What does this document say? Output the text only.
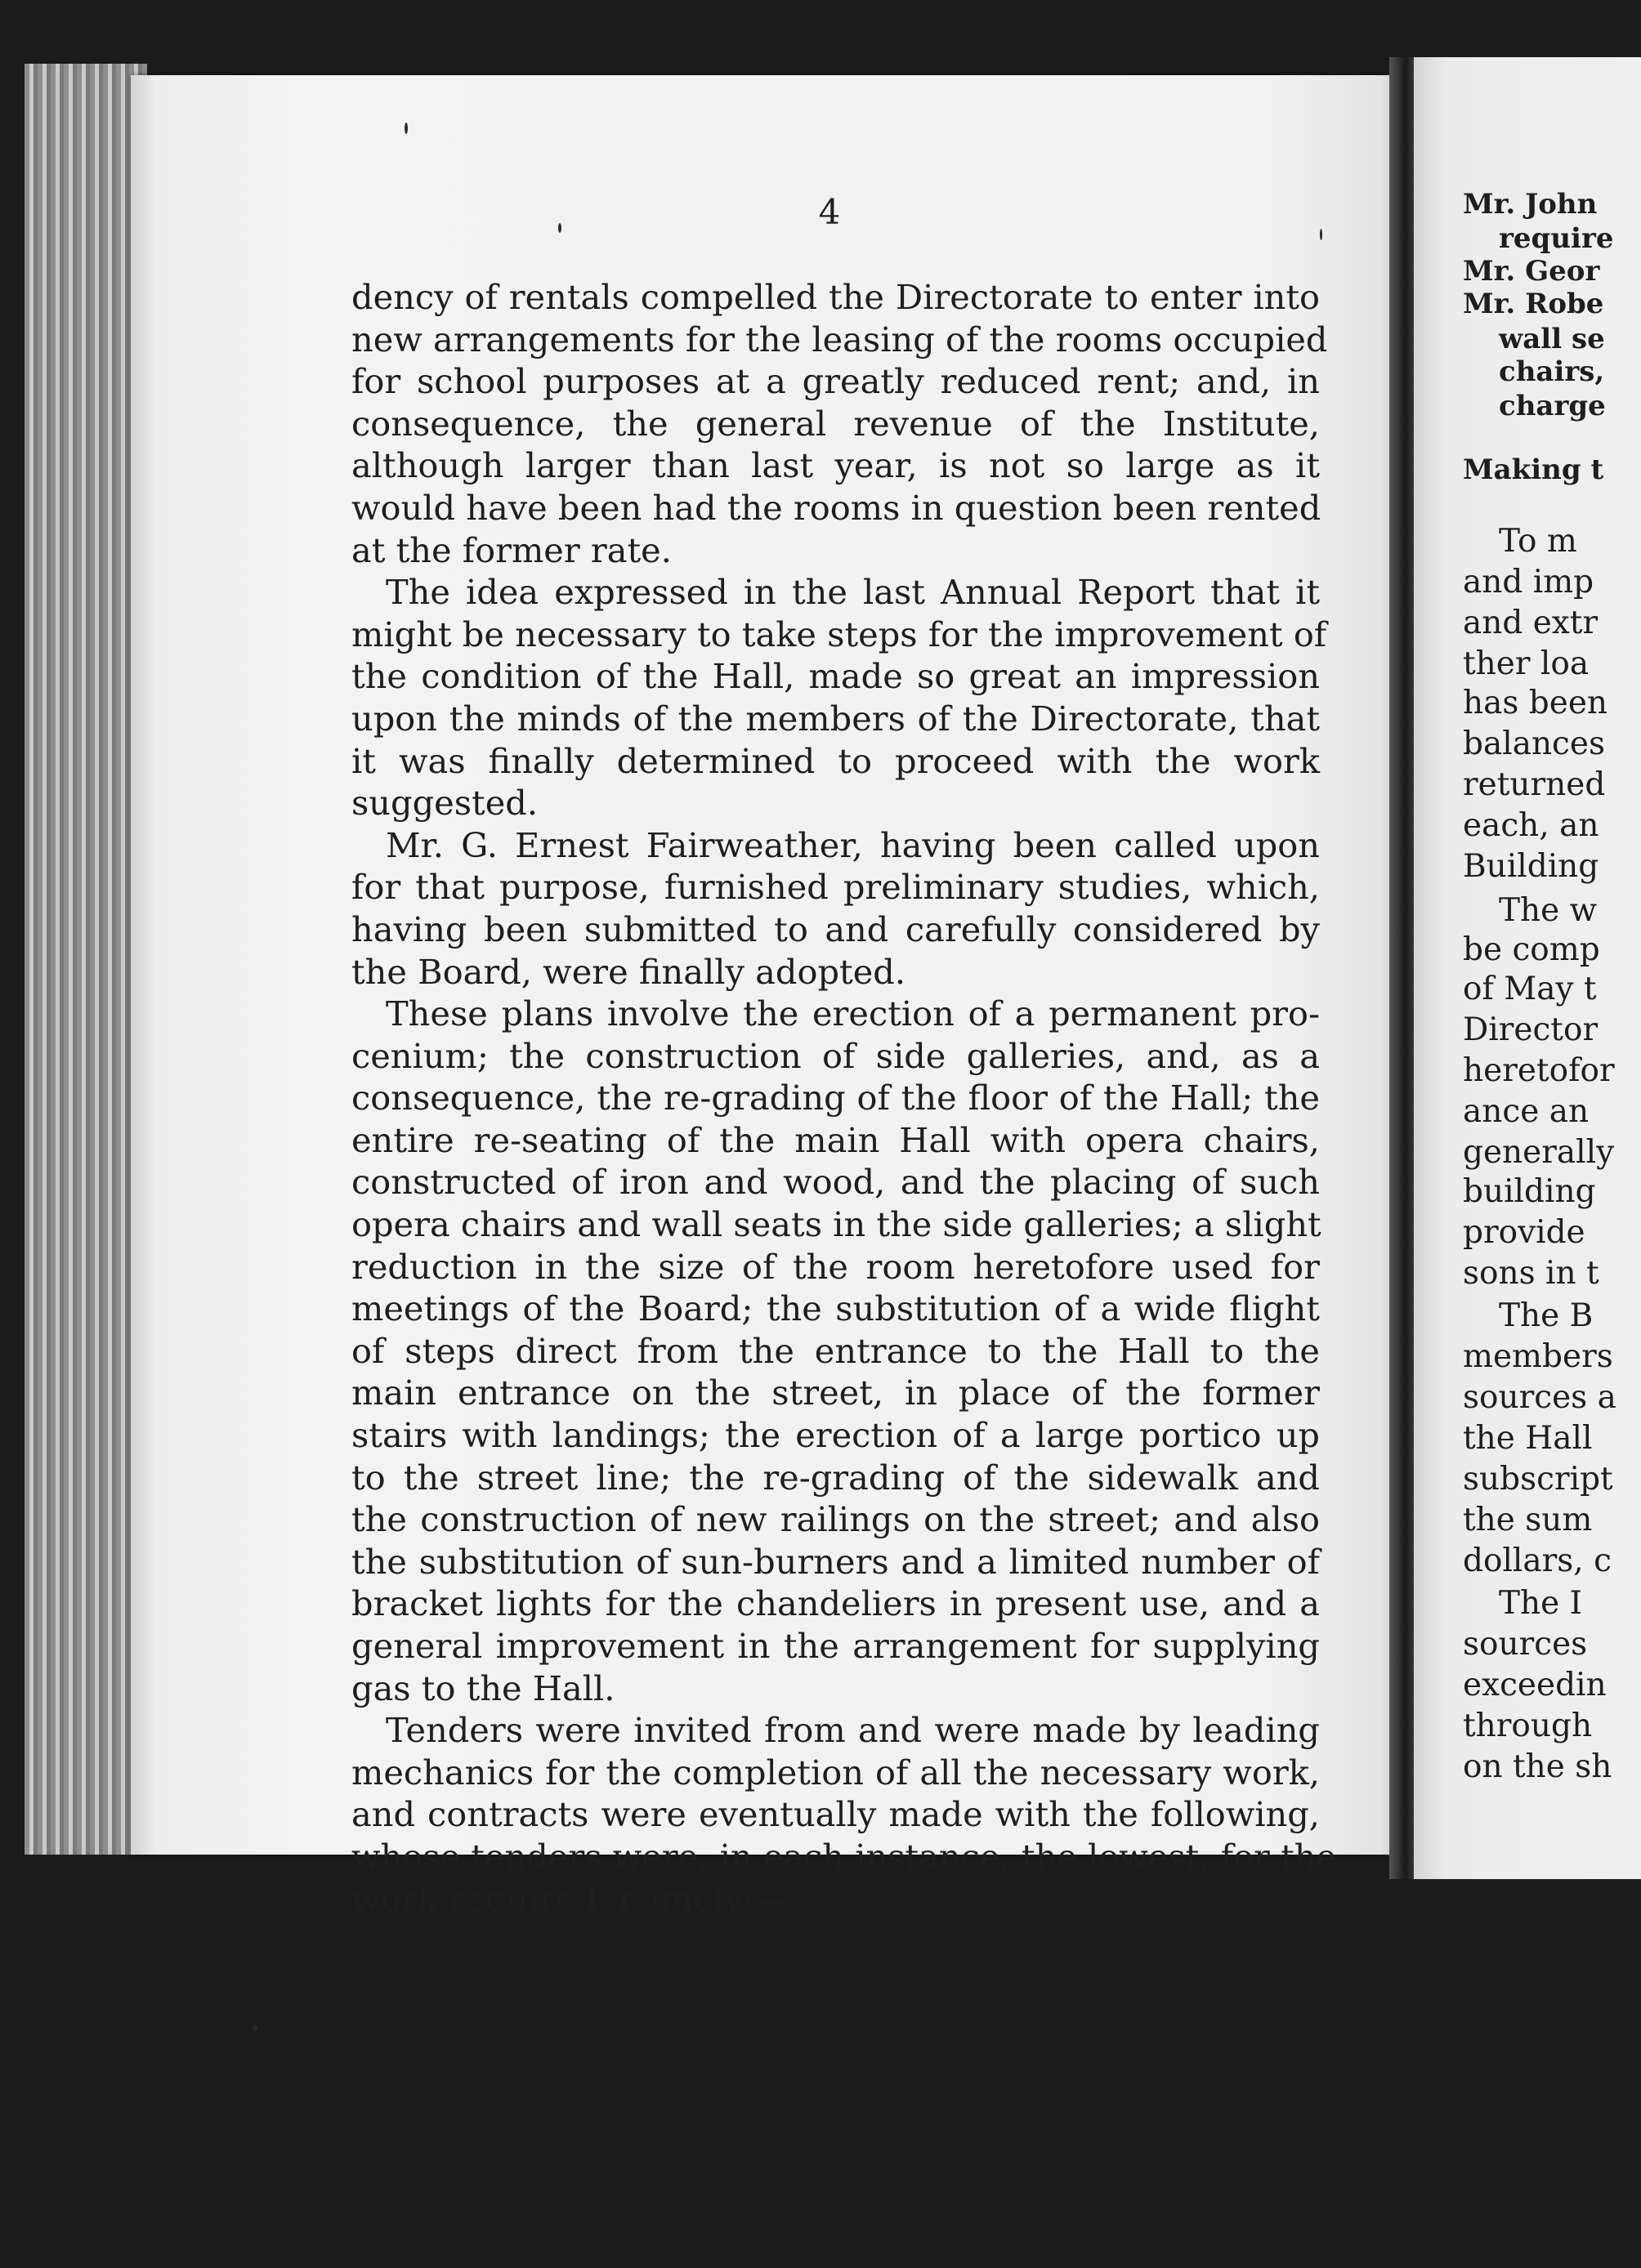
Mr. John
require
Mr. Geor
Mr. Robe
wall se
chairs,
charge
Making t
To m
and imp
and extr
ther loa
has been
balances
returned
each, an
Building
The w
be comp
of May t
Director
heretofor
ance an
generally
building
provide
sons in t
The B
members
sources a
the Hall
subscript
the sum
dollars, c
The I
sources
exceedin
through
on the sh
4
dency of rentals compelled the Directorate to enter into
new arrangements for the leasing of the rooms occupied
for school purposes at a greatly reduced rent; and, in
consequence, the general revenue of the Institute,
although larger than last year, is not so large as it
would have been had the rooms in question been rented
at the former rate.
The idea expressed in the last Annual Report that it
might be necessary to take steps for the improvement of
the condition of the Hall, made so great an impression
upon the minds of the members of the Directorate, that
it was finally determined to proceed with the work
suggested.
Mr. G. Ernest Fairweather, having been called upon
for that purpose, furnished preliminary studies, which,
having been submitted to and carefully considered by
the Board, were finally adopted.
These plans involve the erection of a permanent pro-
cenium; the construction of side galleries, and, as a
consequence, the re-grading of the floor of the Hall; the
entire re-seating of the main Hall with opera chairs,
constructed of iron and wood, and the placing of such
opera chairs and wall seats in the side galleries; a slight
reduction in the size of the room heretofore used for
meetings of the Board; the substitution of a wide flight
of steps direct from the entrance to the Hall to the
main entrance on the street, in place of the former
stairs with landings; the erection of a large portico up
to the street line; the re-grading of the sidewalk and
the construction of new railings on the street; and also
the substitution of sun-burners and a limited number of
bracket lights for the chandeliers in present use, and a
general improvement in the arrangement for supplying
gas to the Hall.
Tenders were invited from and were made by leading
mechanics for the completion of all the necessary work,
and contracts were eventually made with the following,
whose tenders were, in each instance, the lowest, for the
work required, namely:—
